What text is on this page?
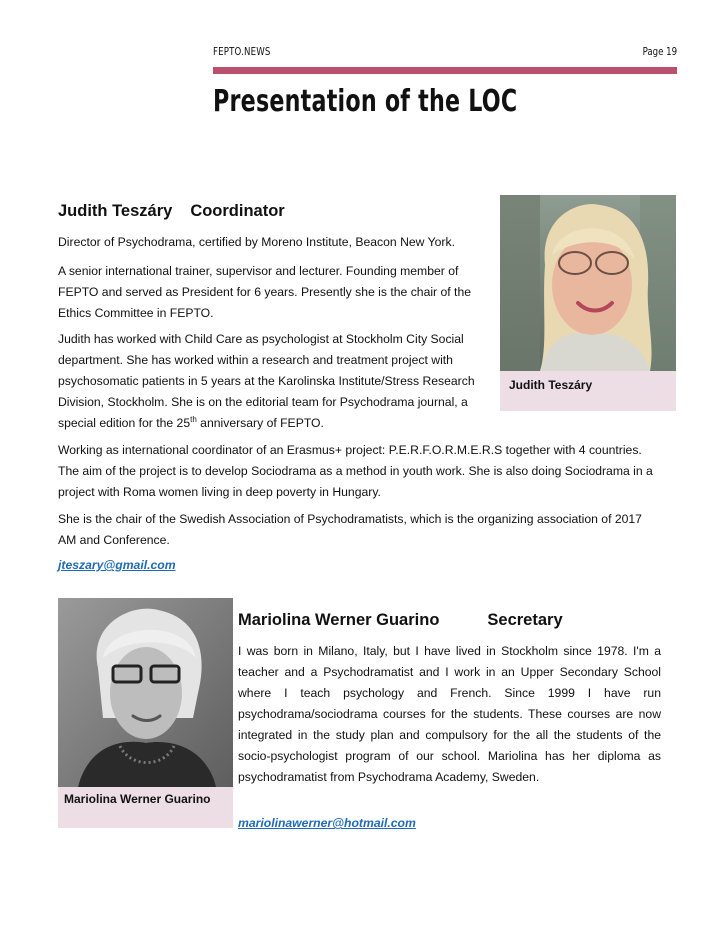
FEPTO.NEWS	Page 19
Presentation of the LOC
Judith Teszáry Coordinator

Director of Psychodrama, certified by Moreno Institute, Beacon New York.

A senior international trainer, supervisor and lecturer. Founding member of FEPTO and served as President for 6 years. Presently she is the chair of the Ethics Committee in FEPTO.

Judith has worked with Child Care as psychologist at Stockholm City Social department. She has worked within a research and treatment project with psychosomatic patients in 5 years at the Karolinska Institute/Stress Research Division, Stockholm. She is on the editorial team for Psychodrama journal, a special edition for the 25th anniversary of FEPTO.

Judith Teszáry

Working as international coordinator of an Erasmus+ project: P.E.R.F.O.R.M.E.R.S together with 4 countries. The aim of the project is to develop Sociodrama as a method in youth work. She is also doing Sociodrama in a project with Roma women living in deep poverty in Hungary.

She is the chair of the Swedish Association of Psychodramatists, which is the organizing association of 2017 AM and Conference.

jteszary@gmail.com

Mariolina Werner Guarino
Mariolina Werner Guarino	Secretary

I was born in Milano, Italy, but I have lived in Stockholm since 1978. I'm a teacher and a Psychodramatist and I work in an Upper Secondary School where I teach psychology and French. Since 1999 I have run psychodrama/sociodrama courses for the students. These courses are now integrated in the study plan and compulsory for the all the students of the socio-psychologist program of our school. Mariolina has her diploma as psychodramatist from Psychodrama Academy, Sweden.

mariolinawerner@hotmail.com
